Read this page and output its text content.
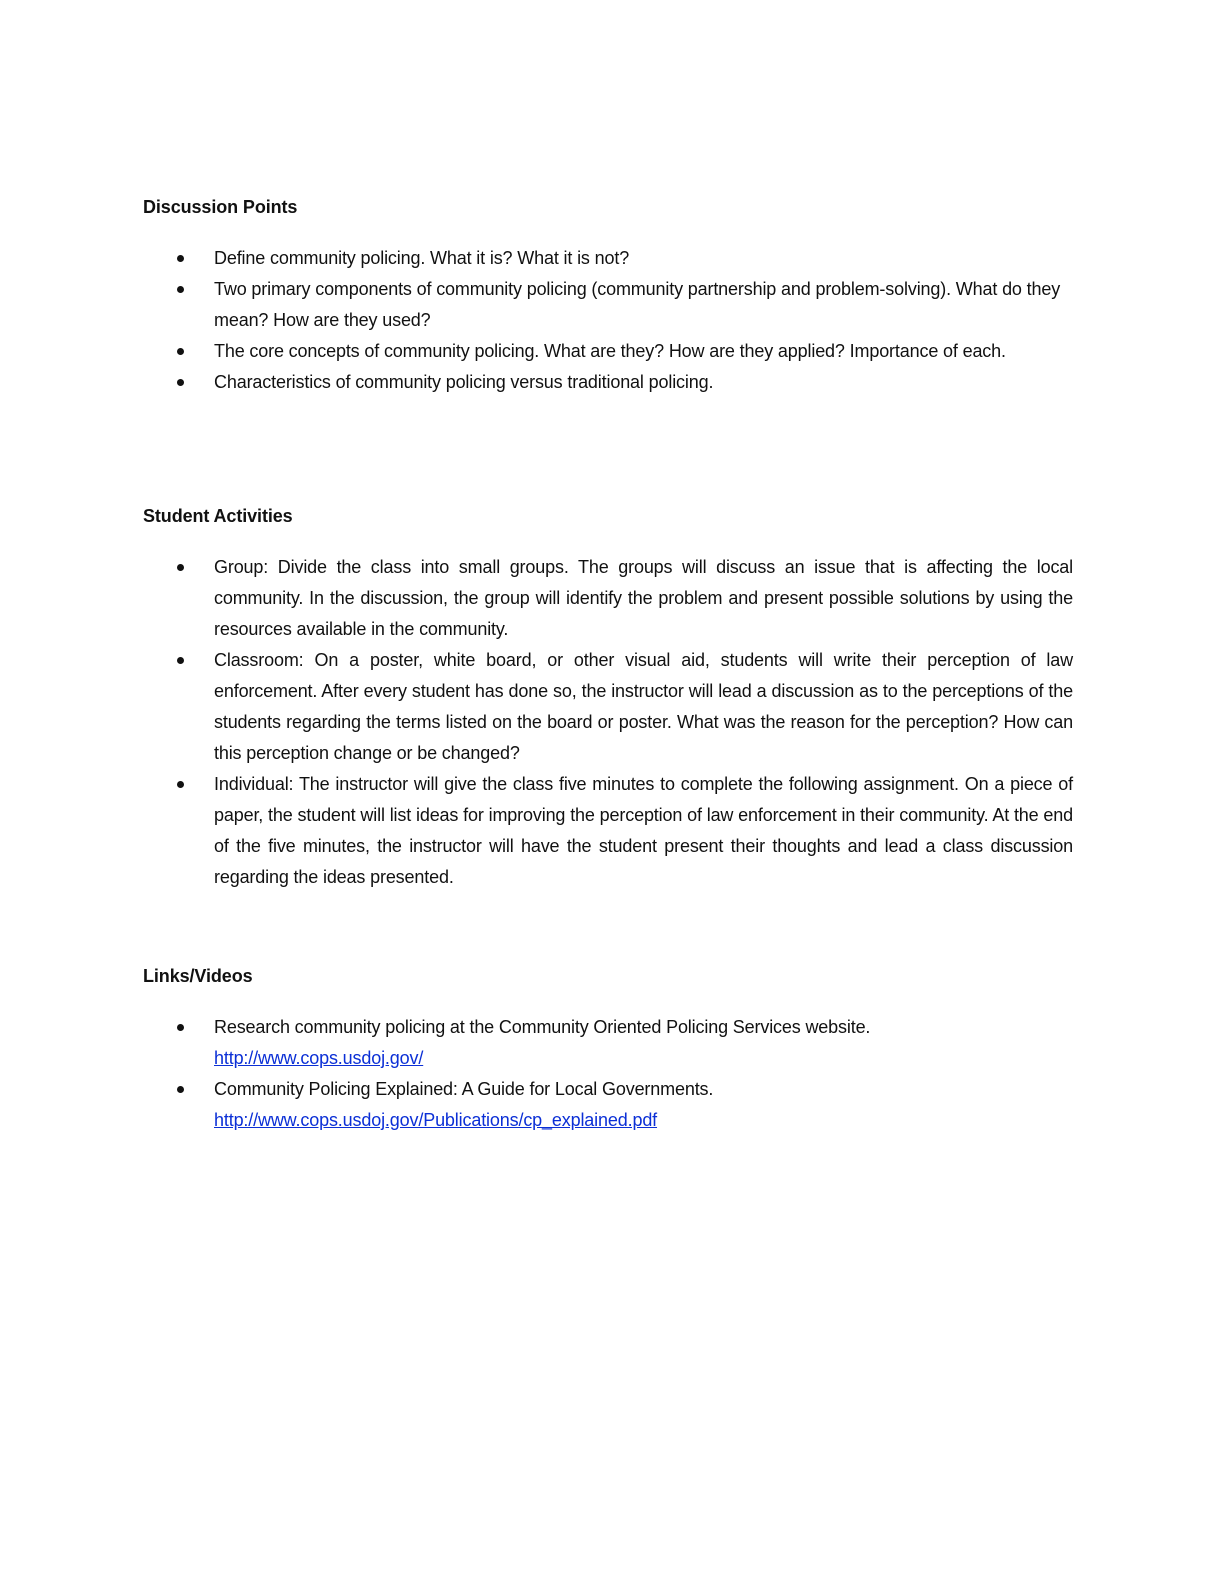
Discussion Points
Define community policing. What it is? What it is not?
Two primary components of community policing (community partnership and problem-solving). What do they mean? How are they used?
The core concepts of community policing. What are they? How are they applied? Importance of each.
Characteristics of community policing versus traditional policing.
Student Activities
Group: Divide the class into small groups. The groups will discuss an issue that is affecting the local community. In the discussion, the group will identify the problem and present possible solutions by using the resources available in the community.
Classroom: On a poster, white board, or other visual aid, students will write their perception of law enforcement. After every student has done so, the instructor will lead a discussion as to the perceptions of the students regarding the terms listed on the board or poster. What was the reason for the perception? How can this perception change or be changed?
Individual: The instructor will give the class five minutes to complete the following assignment. On a piece of paper, the student will list ideas for improving the perception of law enforcement in their community. At the end of the five minutes, the instructor will have the student present their thoughts and lead a class discussion regarding the ideas presented.
Links/Videos
Research community policing at the Community Oriented Policing Services website.
http://www.cops.usdoj.gov/
Community Policing Explained: A Guide for Local Governments.
http://www.cops.usdoj.gov/Publications/cp_explained.pdf
